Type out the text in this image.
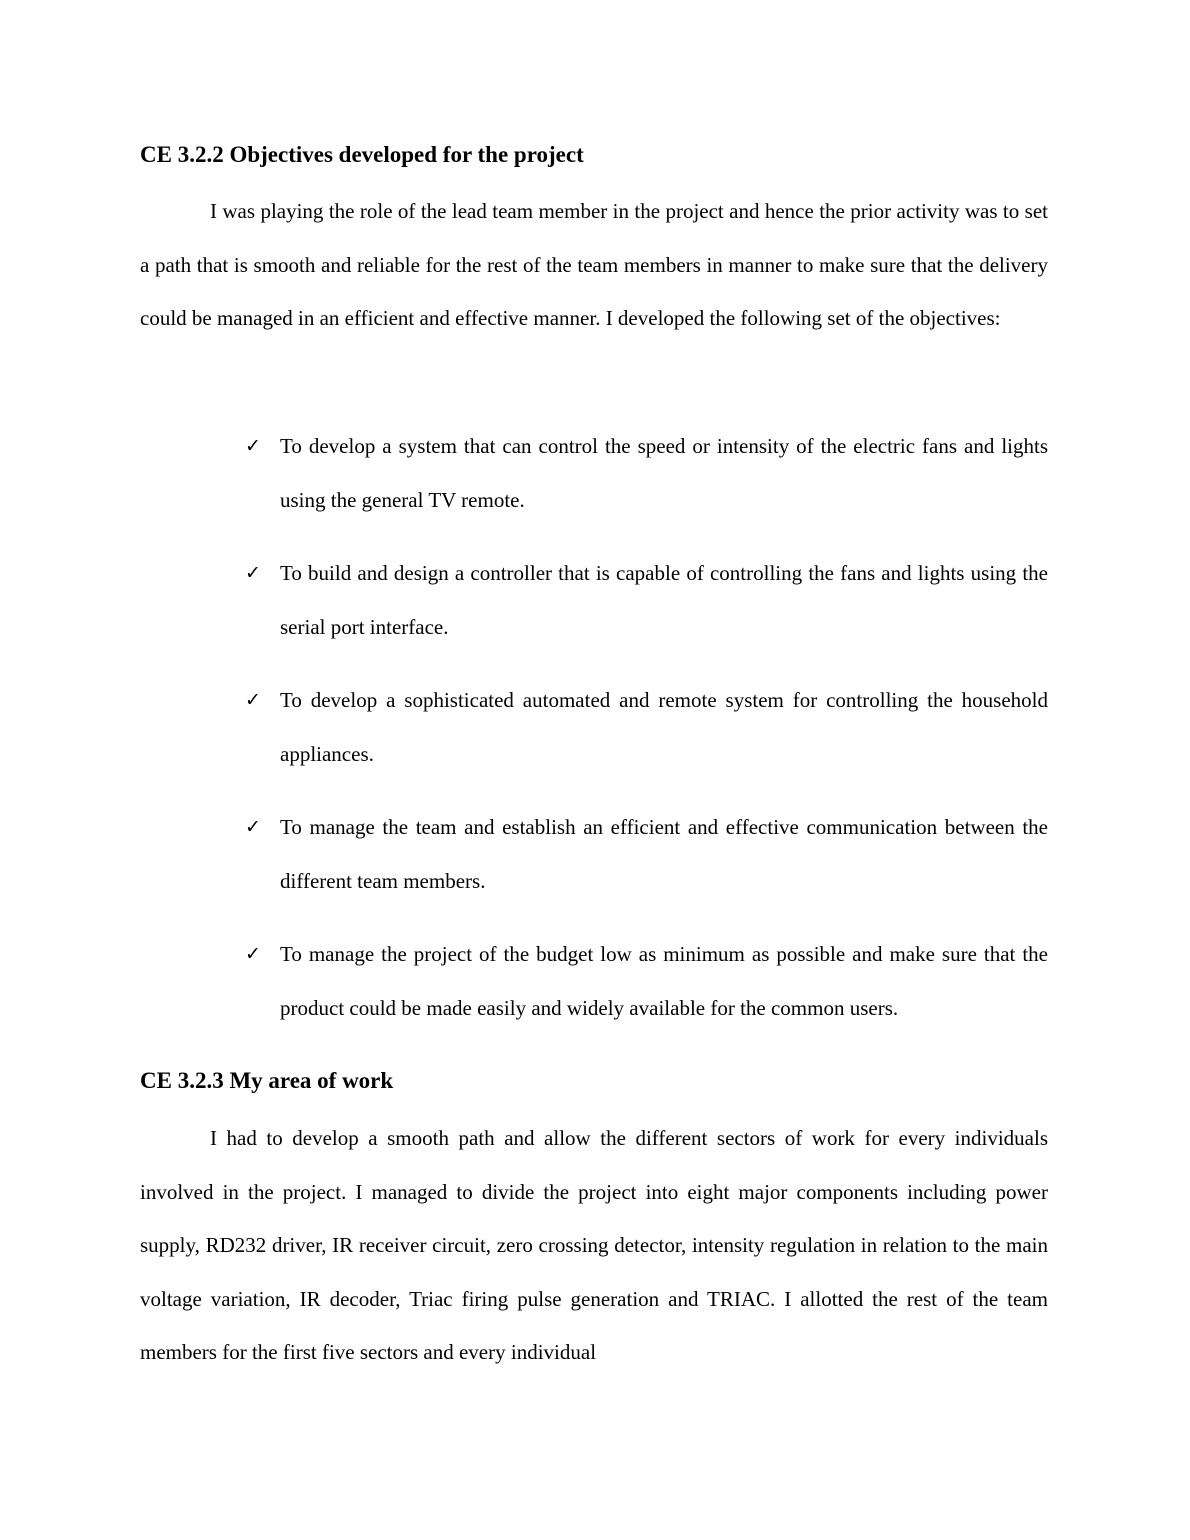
CE 3.2.2 Objectives developed for the project

I was playing the role of the lead team member in the project and hence the prior activity was to set a path that is smooth and reliable for the rest of the team members in manner to make sure that the delivery could be managed in an efficient and effective manner. I developed the following set of the objectives:

✓ To develop a system that can control the speed or intensity of the electric fans and lights using the general TV remote.
✓ To build and design a controller that is capable of controlling the fans and lights using the serial port interface.
✓ To develop a sophisticated automated and remote system for controlling the household appliances.
✓ To manage the team and establish an efficient and effective communication between the different team members.
✓ To manage the project of the budget low as minimum as possible and make sure that the product could be made easily and widely available for the common users.
CE 3.2.3 My area of work

I had to develop a smooth path and allow the different sectors of work for every individuals involved in the project. I managed to divide the project into eight major components including power supply, RD232 driver, IR receiver circuit, zero crossing detector, intensity regulation in relation to the main voltage variation, IR decoder, Triac firing pulse generation and TRIAC. I allotted the rest of the team members for the first five sectors and every individual
